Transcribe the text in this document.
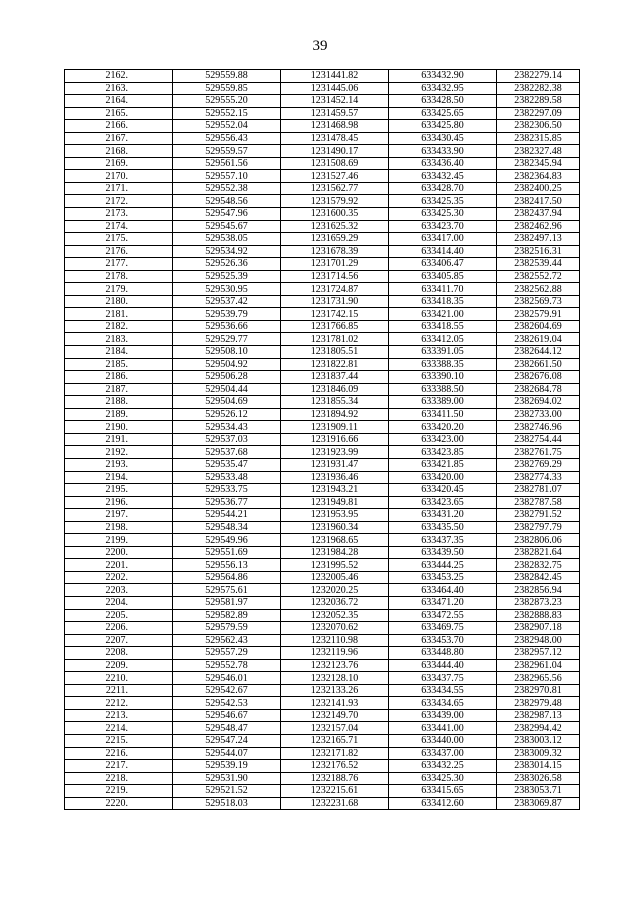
39
2162.	529559.88	1231441.82	633432.90	2382279.14
2163.	529559.85	1231445.06	633432.95	2382282.38
2164.	529555.20	1231452.14	633428.50	2382289.58
2165.	529552.15	1231459.57	633425.65	2382297.09
2166.	529552.04	1231468.98	633425.80	2382306.50
2167.	529556.43	1231478.45	633430.45	2382315.85
2168.	529559.57	1231490.17	633433.90	2382327.48
2169.	529561.56	1231508.69	633436.40	2382345.94
2170.	529557.10	1231527.46	633432.45	2382364.83
2171.	529552.38	1231562.77	633428.70	2382400.25
2172.	529548.56	1231579.92	633425.35	2382417.50
2173.	529547.96	1231600.35	633425.30	2382437.94
2174.	529545.67	1231625.32	633423.70	2382462.96
2175.	529538.05	1231659.29	633417.00	2382497.13
2176.	529534.92	1231678.39	633414.40	2382516.31
2177.	529526.36	1231701.29	633406.47	2382539.44
2178.	529525.39	1231714.56	633405.85	2382552.72
2179.	529530.95	1231724.87	633411.70	2382562.88
2180.	529537.42	1231731.90	633418.35	2382569.73
2181.	529539.79	1231742.15	633421.00	2382579.91
2182.	529536.66	1231766.85	633418.55	2382604.69
2183.	529529.77	1231781.02	633412.05	2382619.04
2184.	529508.10	1231805.51	633391.05	2382644.12
2185.	529504.92	1231822.81	633388.35	2382661.50
2186.	529506.28	1231837.44	633390.10	2382676.08
2187.	529504.44	1231846.09	633388.50	2382684.78
2188.	529504.69	1231855.34	633389.00	2382694.02
2189.	529526.12	1231894.92	633411.50	2382733.00
2190.	529534.43	1231909.11	633420.20	2382746.96
2191.	529537.03	1231916.66	633423.00	2382754.44
2192.	529537.68	1231923.99	633423.85	2382761.75
2193.	529535.47	1231931.47	633421.85	2382769.29
2194.	529533.48	1231936.46	633420.00	2382774.33
2195.	529533.75	1231943.21	633420.45	2382781.07
2196.	529536.77	1231949.81	633423.65	2382787.58
2197.	529544.21	1231953.95	633431.20	2382791.52
2198.	529548.34	1231960.34	633435.50	2382797.79
2199.	529549.96	1231968.65	633437.35	2382806.06
2200.	529551.69	1231984.28	633439.50	2382821.64
2201.	529556.13	1231995.52	633444.25	2382832.75
2202.	529564.86	1232005.46	633453.25	2382842.45
2203.	529575.61	1232020.25	633464.40	2382856.94
2204.	529581.97	1232036.72	633471.20	2382873.23
2205.	529582.89	1232052.35	633472.55	2382888.83
2206.	529579.59	1232070.62	633469.75	2382907.18
2207.	529562.43	1232110.98	633453.70	2382948.00
2208.	529557.29	1232119.96	633448.80	2382957.12
2209.	529552.78	1232123.76	633444.40	2382961.04
2210.	529546.01	1232128.10	633437.75	2382965.56
2211.	529542.67	1232133.26	633434.55	2382970.81
2212.	529542.53	1232141.93	633434.65	2382979.48
2213.	529546.67	1232149.70	633439.00	2382987.13
2214.	529548.47	1232157.04	633441.00	2382994.42
2215.	529547.24	1232165.71	633440.00	2383003.12
2216.	529544.07	1232171.82	633437.00	2383009.32
2217.	529539.19	1232176.52	633432.25	2383014.15
2218.	529531.90	1232188.76	633425.30	2383026.58
2219.	529521.52	1232215.61	633415.65	2383053.71
2220.	529518.03	1232231.68	633412.60	2383069.87
